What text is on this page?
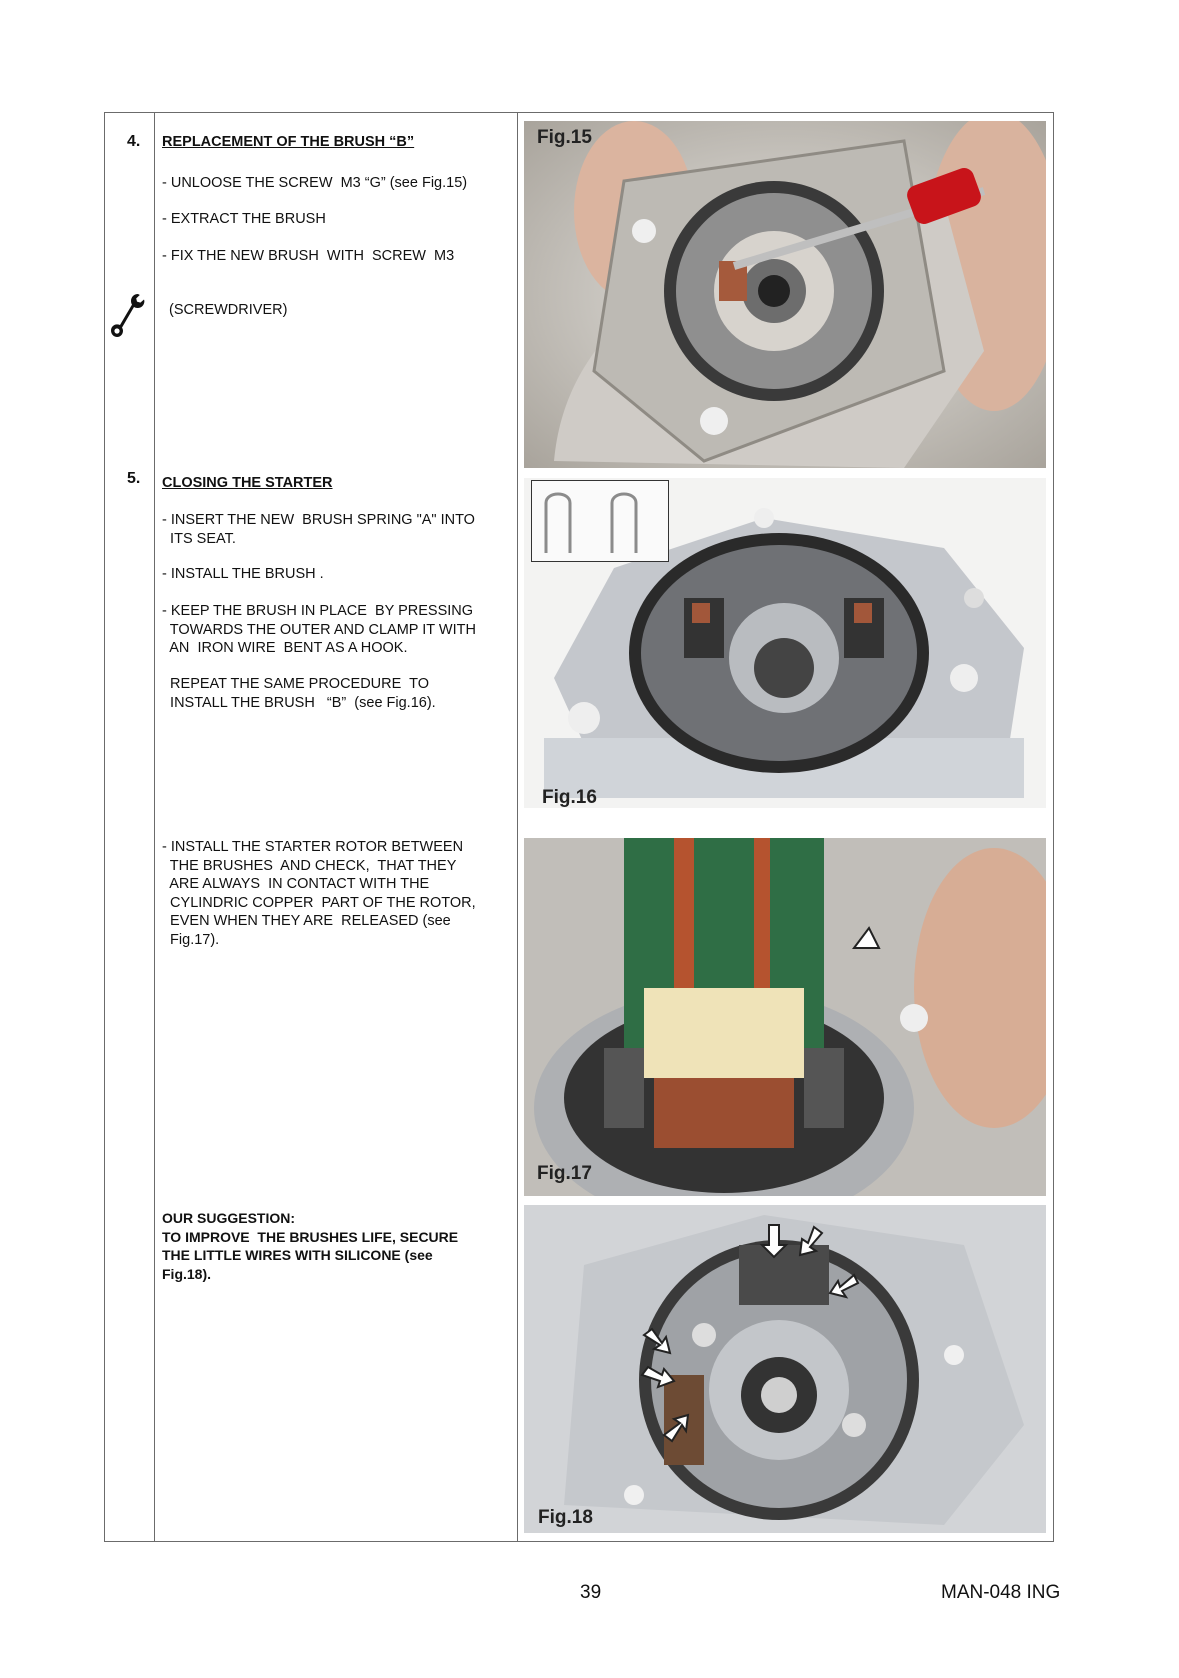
4. REPLACEMENT OF THE BRUSH “B”
- UNLOOSE THE SCREW  M3 “G” (see Fig.15)
- EXTRACT THE BRUSH
- FIX THE NEW BRUSH  WITH  SCREW  M3
(SCREWDRIVER)
5. CLOSING THE STARTER
- INSERT THE NEW  BRUSH SPRING "A" INTO
ITS SEAT.
- INSTALL THE BRUSH .
- KEEP THE BRUSH IN PLACE  BY PRESSING
TOWARDS THE OUTER AND CLAMP IT WITH
AN  IRON WIRE  BENT AS A HOOK.
REPEAT THE SAME PROCEDURE  TO
INSTALL THE BRUSH   “B”  (see Fig.16).
- INSTALL THE STARTER ROTOR BETWEEN
THE BRUSHES  AND CHECK,  THAT THEY
ARE ALWAYS  IN CONTACT WITH THE
CYLINDRIC COPPER  PART OF THE ROTOR,
EVEN WHEN THEY ARE  RELEASED (see
Fig.17).
OUR SUGGESTION:
TO IMPROVE  THE BRUSHES LIFE, SECURE
THE LITTLE WIRES WITH SILICONE (see
Fig.18).
Fig.15
Fig.16
Fig.17
Fig.18
39	MAN-048 ING
